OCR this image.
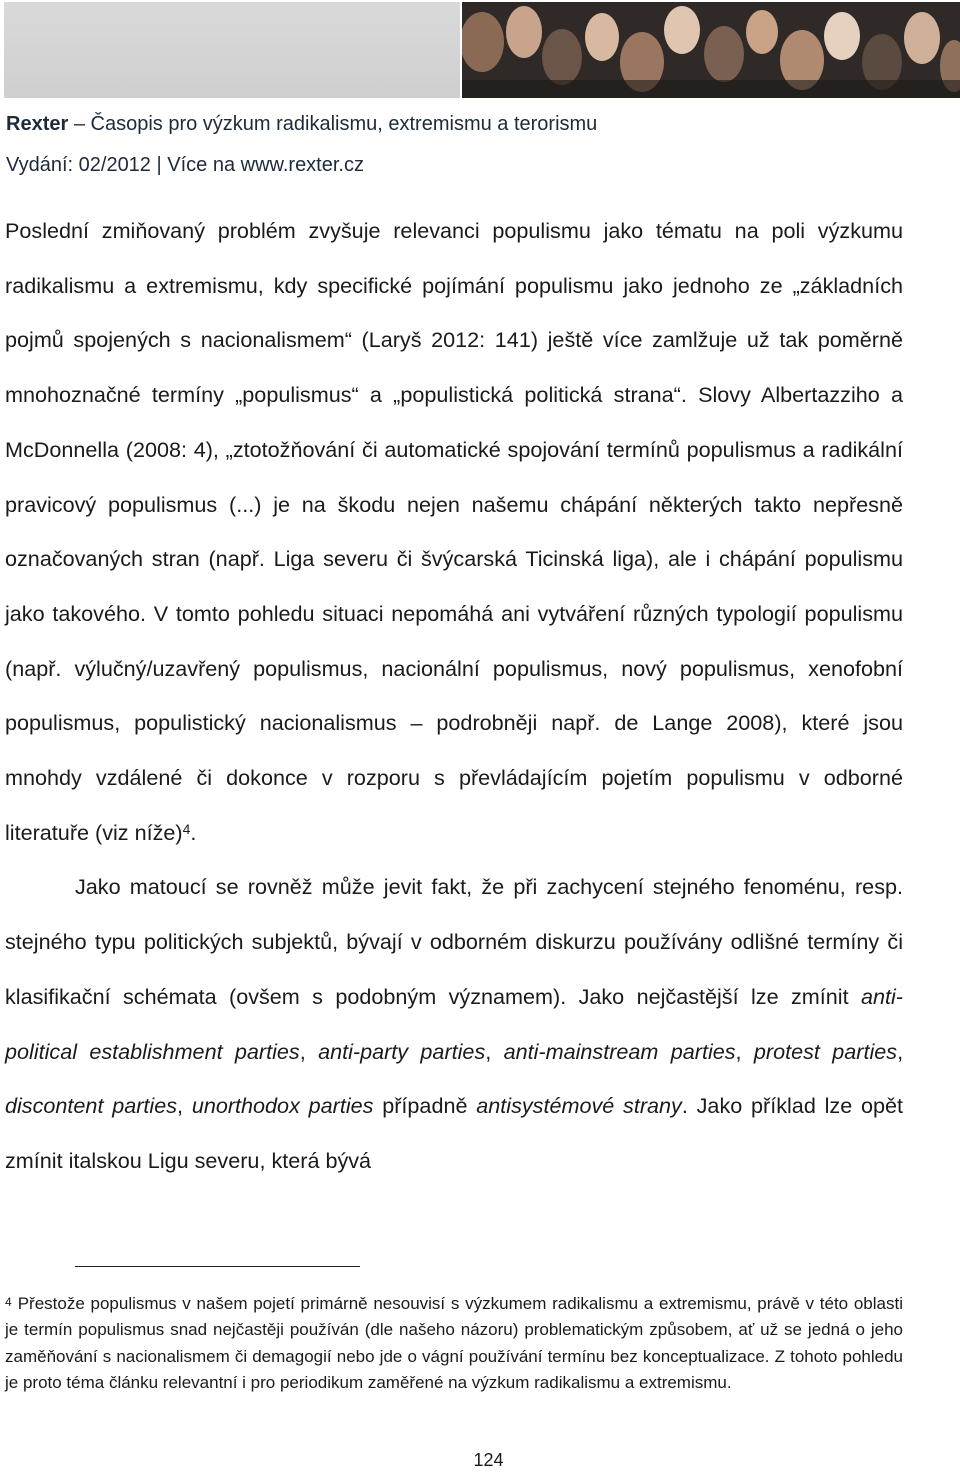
Rexter – Časopis pro výzkum radikalismu, extremismu a terorismu
Vydání: 02/2012 | Více na www.rexter.cz

Poslední zmiňovaný problém zvyšuje relevanci populismu jako tématu na poli výzkumu radikalismu a extremismu, kdy specifické pojímání populismu jako jednoho ze „základních pojmů spojených s nacionalismem“ (Laryš 2012: 141) ještě více zamlžuje už tak poměrně mnohoznačné termíny „populismus“ a „populistická politická strana“. Slovy Albertazziho a McDonnella (2008: 4), „ztotožňování či automatické spojování termínů populismus a radikální pravicový populismus (...) je na škodu nejen našemu chápání některých takto nepřesně označovaných stran (např. Liga severu či švýcarská Ticinská liga), ale i chápání populismu jako takového. V tomto pohledu situaci nepomáhá ani vytváření různých typologií populismu (např. výlučný/uzavřený populismus, nacionální populismus, nový populismus, xenofobní populismus, populistický nacionalismus – podrobněji např. de Lange 2008), které jsou mnohdy vzdálené či dokonce v rozporu s převládajícím pojetím populismu v odborné literatuře (viz níže)$^4$.

Jako matoucí se rovněž může jevit fakt, že při zachycení stejného fenoménu, resp. stejného typu politických subjektů, bývají v odborném diskurzu používány odlišné termíny či klasifikační schémata (ovšem s podobným významem). Jako nejčastější lze zmínit anti-political establishment parties, anti-party parties, anti-mainstream parties, protest parties, discontent parties, unorthodox parties případně antisystémové strany. Jako příklad lze opět zmínit italskou Ligu severu, která bývá

$^4$ Přestože populismus v našem pojetí primárně nesouvisí s výzkumem radikalismu a extremismu, právě v této oblasti je termín populismus snad nejčastěji používán (dle našeho názoru) problematickým způsobem, ať už se jedná o jeho zaměňování s nacionalismem či demagogií nebo jde o vágní používání termínu bez konceptualizace. Z tohoto pohledu je proto téma článku relevantní i pro periodikum zaměřené na výzkum radikalismu a extremismu.
124
